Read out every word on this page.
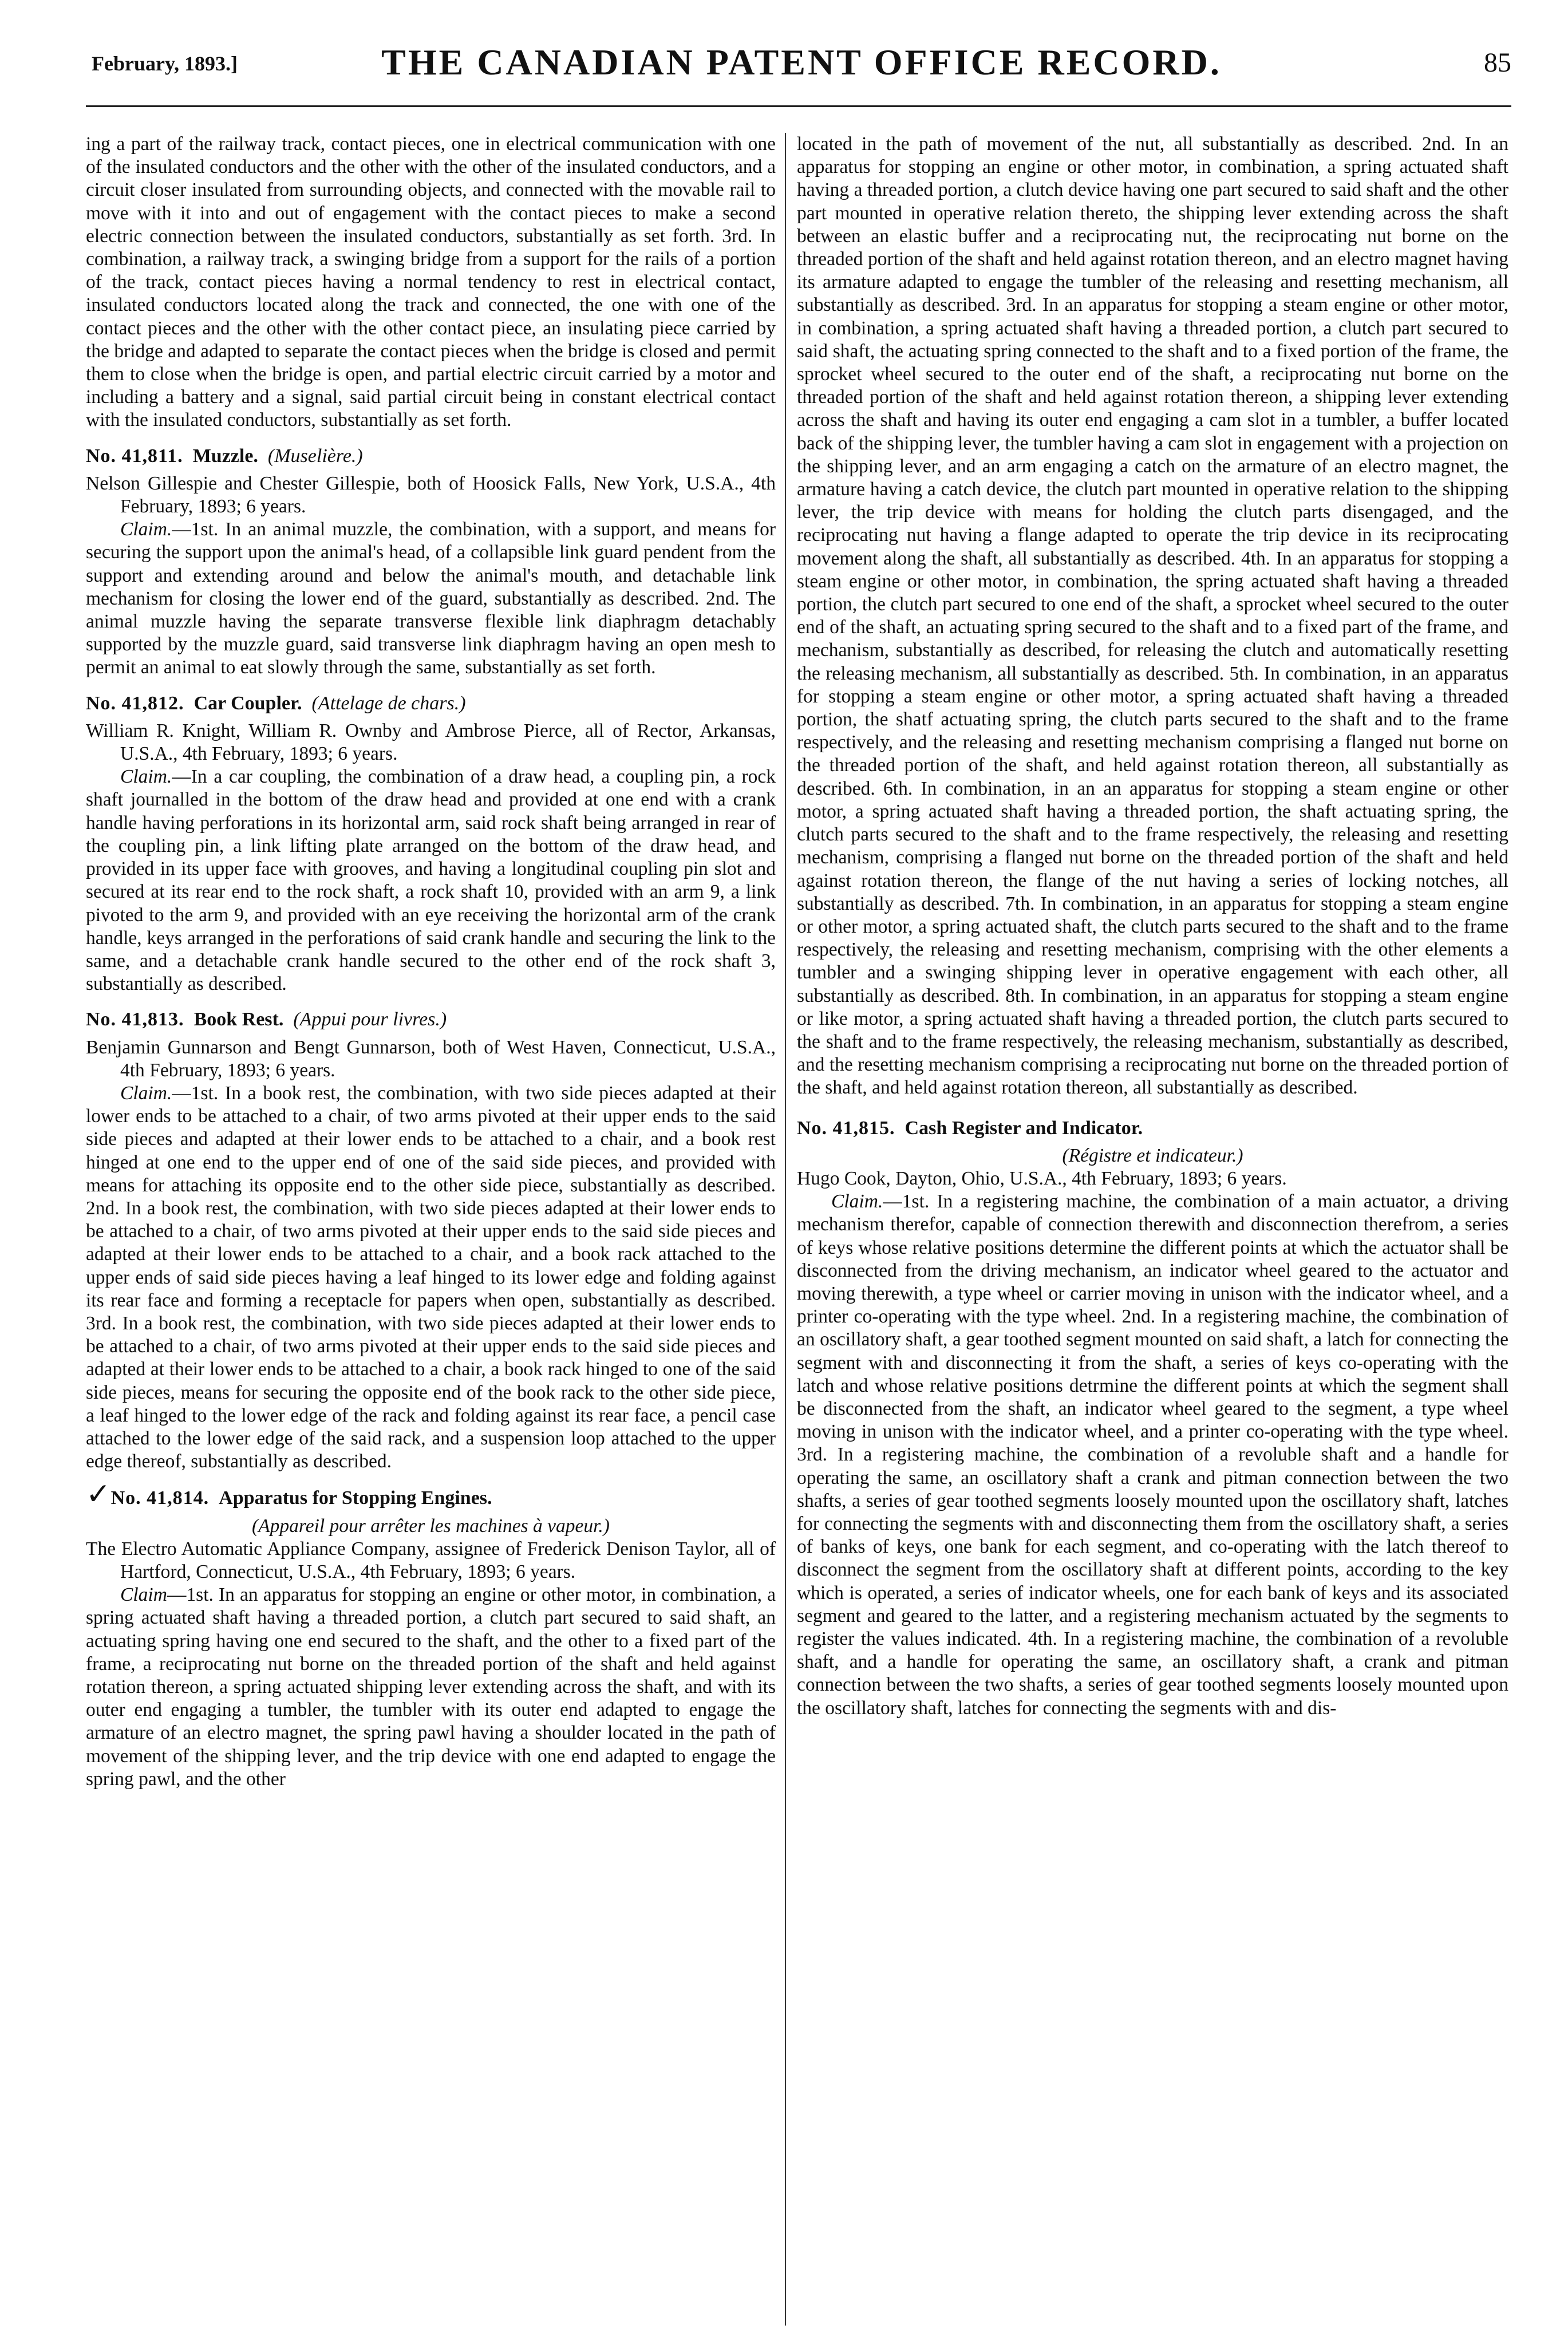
February, 1893.]	THE CANADIAN PATENT OFFICE RECORD.	85

ing a part of the railway track, contact pieces, one in electrical communication with one of the insulated conductors and the other with the other of the insulated conductors, and a circuit closer insulated from surrounding objects, and connected with the movable rail to move with it into and out of engagement with the contact pieces to make a second electric connection between the insulated conductors, substantially as set forth. 3rd. In combination, a railway track, a swinging bridge from a support for the rails of a portion of the track, contact pieces having a normal tendency to rest in electrical contact, insulated conductors located along the track and connected, the one with one of the contact pieces and the other with the other contact piece, an insulating piece carried by the bridge and adapted to separate the contact pieces when the bridge is closed and permit them to close when the bridge is open, and partial electric circuit carried by a motor and including a battery and a signal, said partial circuit being in constant electrical contact with the insulated conductors, substantially as set forth.

No. 41,811. Muzzle. (Muselière.)

Nelson Gillespie and Chester Gillespie, both of Hoosick Falls, New York, U.S.A., 4th February, 1893; 6 years.

Claim.—1st. In an animal muzzle, the combination, with a support, and means for securing the support upon the animal's head, of a collapsible link guard pendent from the support and extending around and below the animal's mouth, and detachable link mechanism for closing the lower end of the guard, substantially as described. 2nd. The animal muzzle having the separate transverse flexible link diaphragm detachably supported by the muzzle guard, said transverse link diaphragm having an open mesh to permit an animal to eat slowly through the same, substantially as set forth.

No. 41,812. Car Coupler. (Attelage de chars.)

William R. Knight, William R. Ownby and Ambrose Pierce, all of Rector, Arkansas, U.S.A., 4th February, 1893; 6 years.

Claim.—In a car coupling, the combination of a draw head, a coupling pin, a rock shaft journalled in the bottom of the draw head and provided at one end with a crank handle having perforations in its horizontal arm, said rock shaft being arranged in rear of the coupling pin, a link lifting plate arranged on the bottom of the draw head, and provided in its upper face with grooves, and having a longitudinal coupling pin slot and secured at its rear end to the rock shaft, a rock shaft 10, provided with an arm 9, a link pivoted to the arm 9, and provided with an eye receiving the horizontal arm of the crank handle, keys arranged in the perforations of said crank handle and securing the link to the same, and a detachable crank handle secured to the other end of the rock shaft 3, substantially as described.

No. 41,813. Book Rest. (Appui pour livres.)

Benjamin Gunnarson and Bengt Gunnarson, both of West Haven, Connecticut, U.S.A., 4th February, 1893; 6 years.

Claim.—1st. In a book rest, the combination, with two side pieces adapted at their lower ends to be attached to a chair, of two arms pivoted at their upper ends to the said side pieces and adapted at their lower ends to be attached to a chair, and a book rest hinged at one end to the upper end of one of the said side pieces, and provided with means for attaching its opposite end to the other side piece, substantially as described. 2nd. In a book rest, the combination, with two side pieces adapted at their lower ends to be attached to a chair, of two arms pivoted at their upper ends to the said side pieces and adapted at their lower ends to be attached to a chair, and a book rack attached to the upper ends of said side pieces having a leaf hinged to its lower edge and folding against its rear face and forming a receptacle for papers when open, substantially as described. 3rd. In a book rest, the combination, with two side pieces adapted at their lower ends to be attached to a chair, of two arms pivoted at their upper ends to the said side pieces and adapted at their lower ends to be attached to a chair, a book rack hinged to one of the said side pieces, means for securing the opposite end of the book rack to the other side piece, a leaf hinged to the lower edge of the rack and folding against its rear face, a pencil case attached to the lower edge of the said rack, and a suspension loop attached to the upper edge thereof, substantially as described.

✓No. 41,814. Apparatus for Stopping Engines.

(Appareil pour arrêter les machines à vapeur.)

The Electro Automatic Appliance Company, assignee of Frederick Denison Taylor, all of Hartford, Connecticut, U.S.A., 4th February, 1893; 6 years.

Claim—1st. In an apparatus for stopping an engine or other motor, in combination, a spring actuated shaft having a threaded portion, a clutch part secured to said shaft, an actuating spring having one end secured to the shaft, and the other to a fixed part of the frame, a reciprocating nut borne on the threaded portion of the shaft and held against rotation thereon, a spring actuated shipping lever extending across the shaft, and with its outer end engaging a tumbler, the tumbler with its outer end adapted to engage the armature of an electro magnet, the spring pawl having a shoulder located in the path of movement of the shipping lever, and the trip device with one end adapted to engage the spring pawl, and the other

located in the path of movement of the nut, all substantially as described. 2nd. In an apparatus for stopping an engine or other motor, in combination, a spring actuated shaft having a threaded portion, a clutch device having one part secured to said shaft and the other part mounted in operative relation thereto, the shipping lever extending across the shaft between an elastic buffer and a reciprocating nut, the reciprocating nut borne on the threaded portion of the shaft and held against rotation thereon, and an electro magnet having its armature adapted to engage the tumbler of the releasing and resetting mechanism, all substantially as described. 3rd. In an apparatus for stopping a steam engine or other motor, in combination, a spring actuated shaft having a threaded portion, a clutch part secured to said shaft, the actuating spring connected to the shaft and to a fixed portion of the frame, the sprocket wheel secured to the outer end of the shaft, a reciprocating nut borne on the threaded portion of the shaft and held against rotation thereon, a shipping lever extending across the shaft and having its outer end engaging a cam slot in a tumbler, a buffer located back of the shipping lever, the tumbler having a cam slot in engagement with a projection on the shipping lever, and an arm engaging a catch on the armature of an electro magnet, the armature having a catch device, the clutch part mounted in operative relation to the shipping lever, the trip device with means for holding the clutch parts disengaged, and the reciprocating nut having a flange adapted to operate the trip device in its reciprocating movement along the shaft, all substantially as described. 4th. In an apparatus for stopping a steam engine or other motor, in combination, the spring actuated shaft having a threaded portion, the clutch part secured to one end of the shaft, a sprocket wheel secured to the outer end of the shaft, an actuating spring secured to the shaft and to a fixed part of the frame, and mechanism, substantially as described, for releasing the clutch and automatically resetting the releasing mechanism, all substantially as described. 5th. In combination, in an apparatus for stopping a steam engine or other motor, a spring actuated shaft having a threaded portion, the shatf actuating spring, the clutch parts secured to the shaft and to the frame respectively, and the releasing and resetting mechanism comprising a flanged nut borne on the threaded portion of the shaft, and held against rotation thereon, all substantially as described. 6th. In combination, in an an apparatus for stopping a steam engine or other motor, a spring actuated shaft having a threaded portion, the shaft actuating spring, the clutch parts secured to the shaft and to the frame respectively, the releasing and resetting mechanism, comprising a flanged nut borne on the threaded portion of the shaft and held against rotation thereon, the flange of the nut having a series of locking notches, all substantially as described. 7th. In combination, in an apparatus for stopping a steam engine or other motor, a spring actuated shaft, the clutch parts secured to the shaft and to the frame respectively, the releasing and resetting mechanism, comprising with the other elements a tumbler and a swinging shipping lever in operative engagement with each other, all substantially as described. 8th. In combination, in an apparatus for stopping a steam engine or like motor, a spring actuated shaft having a threaded portion, the clutch parts secured to the shaft and to the frame respectively, the releasing mechanism, substantially as described, and the resetting mechanism comprising a reciprocating nut borne on the threaded portion of the shaft, and held against rotation thereon, all substantially as described.

No. 41,815. Cash Register and Indicator.

(Régistre et indicateur.)

Hugo Cook, Dayton, Ohio, U.S.A., 4th February, 1893; 6 years.

Claim.—1st. In a registering machine, the combination of a main actuator, a driving mechanism therefor, capable of connection therewith and disconnection therefrom, a series of keys whose relative positions determine the different points at which the actuator shall be disconnected from the driving mechanism, an indicator wheel geared to the actuator and moving therewith, a type wheel or carrier moving in unison with the indicator wheel, and a printer co-operating with the type wheel. 2nd. In a registering machine, the combination of an oscillatory shaft, a gear toothed segment mounted on said shaft, a latch for connecting the segment with and disconnecting it from the shaft, a series of keys co-operating with the latch and whose relative positions detrmine the different points at which the segment shall be disconnected from the shaft, an indicator wheel geared to the segment, a type wheel moving in unison with the indicator wheel, and a printer co-operating with the type wheel. 3rd. In a registering machine, the combination of a revoluble shaft and a handle for operating the same, an oscillatory shaft a crank and pitman connection between the two shafts, a series of gear toothed segments loosely mounted upon the oscillatory shaft, latches for connecting the segments with and disconnecting them from the oscillatory shaft, a series of banks of keys, one bank for each segment, and co-operating with the latch thereof to disconnect the segment from the oscillatory shaft at different points, according to the key which is operated, a series of indicator wheels, one for each bank of keys and its associated segment and geared to the latter, and a registering mechanism actuated by the segments to register the values indicated. 4th. In a registering machine, the combination of a revoluble shaft, and a handle for operating the same, an oscillatory shaft, a crank and pitman connection between the two shafts, a series of gear toothed segments loosely mounted upon the oscillatory shaft, latches for connecting the segments with and dis-
